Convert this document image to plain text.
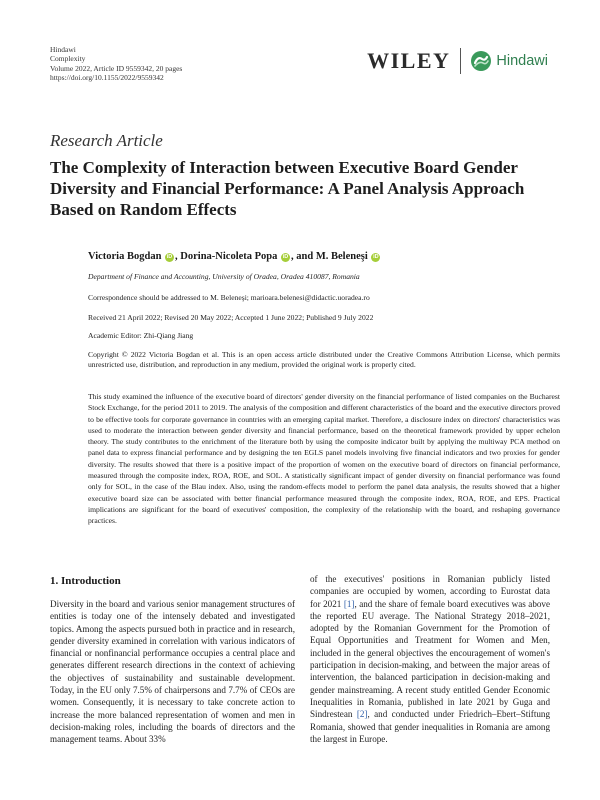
Hindawi
Complexity
Volume 2022, Article ID 9559342, 20 pages
https://doi.org/10.1155/2022/9559342
WILEY	Hindawi
Research Article
The Complexity of Interaction between Executive Board Gender Diversity and Financial Performance: A Panel Analysis Approach Based on Random Effects
Victoria Bogdan iD , Dorina-Nicoleta Popa iD , and M. Beleneşi iD
Department of Finance and Accounting, University of Oradea, Oradea 410087, Romania
Correspondence should be addressed to M. Beleneşi; marioara.belenesi@didactic.uoradea.ro
Received 21 April 2022; Revised 20 May 2022; Accepted 1 June 2022; Published 9 July 2022
Academic Editor: Zhi-Qiang Jiang

Copyright © 2022 Victoria Bogdan et al. This is an open access article distributed under the Creative Commons Attribution License, which permits unrestricted use, distribution, and reproduction in any medium, provided the original work is properly cited.

This study examined the influence of the executive board of directors' gender diversity on the financial performance of listed companies on the Bucharest Stock Exchange, for the period 2011 to 2019. The analysis of the composition and different characteristics of the board and the executive directors proved to be effective tools for corporate governance in countries with an emerging capital market. Therefore, a disclosure index on directors' characteristics was used to moderate the interaction between gender diversity and financial performance, based on the theoretical framework provided by upper echelon theory. The study contributes to the enrichment of the literature both by using the composite indicator built by applying the multiway PCA method on panel data to express financial performance and by designing the ten EGLS panel models involving five financial indicators and two proxies for gender diversity. The results showed that there is a positive impact of the proportion of women on the executive board of directors on financial performance, measured through the composite index, ROA, ROE, and SOL. A statistically significant impact of gender diversity on financial performance was found only for SOL, in the case of the Blau index. Also, using the random-effects model to perform the panel data analysis, the results showed that a higher executive board size can be associated with better financial performance measured through the composite index, ROA, ROE, and EPS. Practical implications are significant for the board of executives' composition, the complexity of the relationship with the board, and reshaping governance practices.

1. Introduction

Diversity in the board and various senior management structures of entities is today one of the intensely debated and investigated topics. Among the aspects pursued both in practice and in research, gender diversity examined in correlation with various indicators of financial or nonfinancial performance occupies a central place and generates different research directions in the context of achieving the objectives of sustainability and sustainable development. Today, in the EU only 7.5% of chairpersons and 7.7% of CEOs are women. Consequently, it is necessary to take concrete action to increase the more balanced representation of women and men in decision-making roles, including the boards of directors and the management teams. About 33%

of the executives' positions in Romanian publicly listed companies are occupied by women, according to Eurostat data for 2021 [1], and the share of female board executives was above the reported EU average. The National Strategy 2018–2021, adopted by the Romanian Government for the Promotion of Equal Opportunities and Treatment for Women and Men, included in the general objectives the encouragement of women's participation in decision-making, and between the major areas of intervention, the balanced participation in decision-making and gender mainstreaming. A recent study entitled Gender Economic Inequalities in Romania, published in late 2021 by Guga and Sindrestean [2], and conducted under Friedrich–Ebert–Stiftung Romania, showed that gender inequalities in Romania are among the largest in Europe.
